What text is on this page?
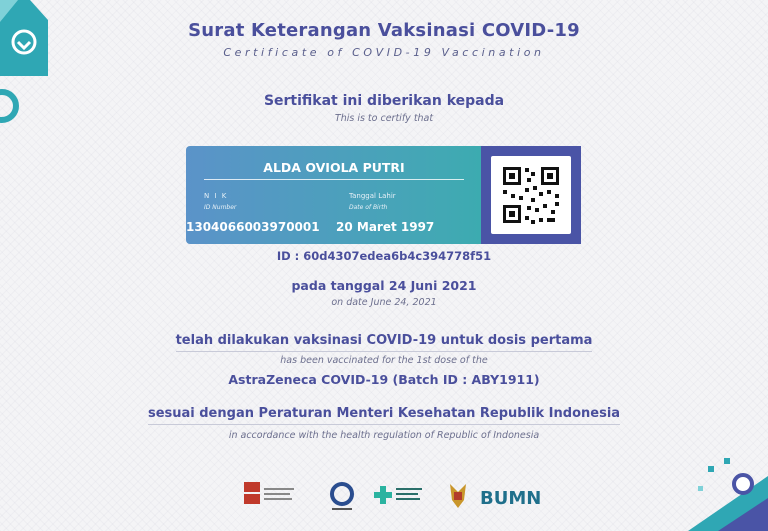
Surat Keterangan Vaksinasi COVID-19
Certificate of COVID-19 Vaccination
Sertifikat ini diberikan kepada
This is to certify that
ALDA OVIOLA PUTRI
N I K
ID Number
Tanggal Lahir
Date of Birth
1304066003970001 20 Maret 1997
ID : 60d4307edea6b4c394778f51
pada tanggal 24 Juni 2021
on date June 24, 2021
telah dilakukan vaksinasi COVID-19 untuk dosis pertama
has been vaccinated for the 1st dose of the
AstraZeneca COVID-19 (Batch ID : ABY1911)
sesuai dengan Peraturan Menteri Kesehatan Republik Indonesia
in accordance with the health regulation of Republic of Indonesia
BUMN
